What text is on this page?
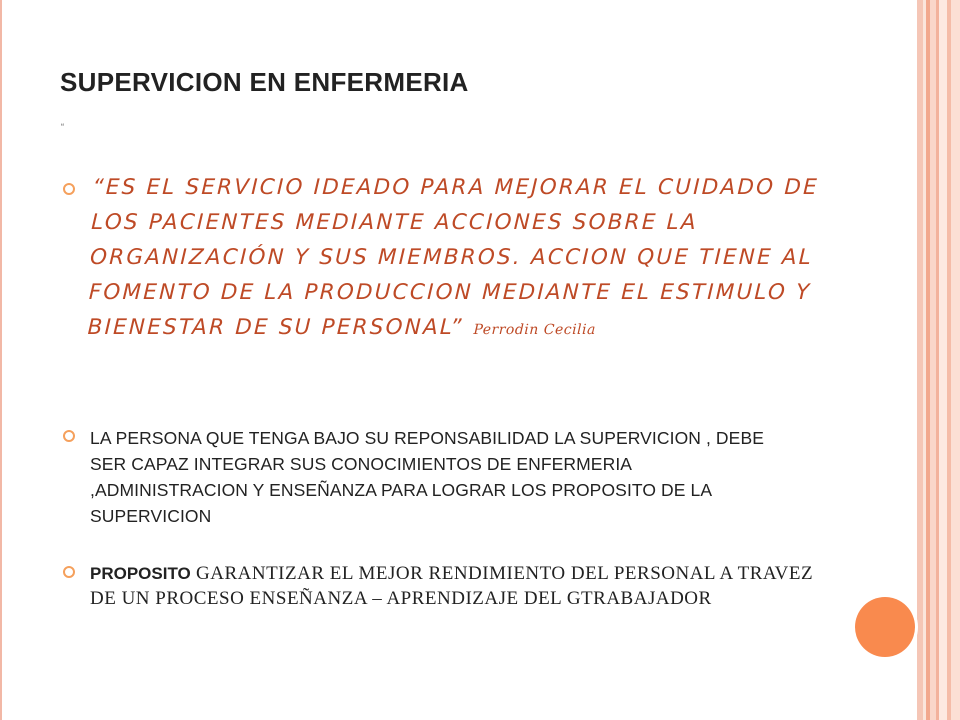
SUPERVICION EN ENFERMERIA
“
“ES EL SERVICIO IDEADO PARA MEJORAR EL CUIDADO DE LOS PACIENTES MEDIANTE ACCIONES SOBRE LA ORGANIZACIÓN Y SUS MIEMBROS. ACCION QUE TIENE AL FOMENTO DE LA PRODUCCION MEDIANTE EL ESTIMULO Y BIENESTAR DE SU PERSONAL” Perrodin Cecilia
LA PERSONA QUE TENGA BAJO SU REPONSABILIDAD LA SUPERVICION , DEBE SER CAPAZ INTEGRAR SUS CONOCIMIENTOS DE ENFERMERIA ,ADMINISTRACION Y ENSEÑANZA PARA LOGRAR LOS PROPOSITO DE LA SUPERVICION
PROPOSITO GARANTIZAR EL MEJOR RENDIMIENTO DEL PERSONAL A TRAVEZ DE UN PROCESO ENSEÑANZA – APRENDIZAJE DEL GTRABAJADOR
